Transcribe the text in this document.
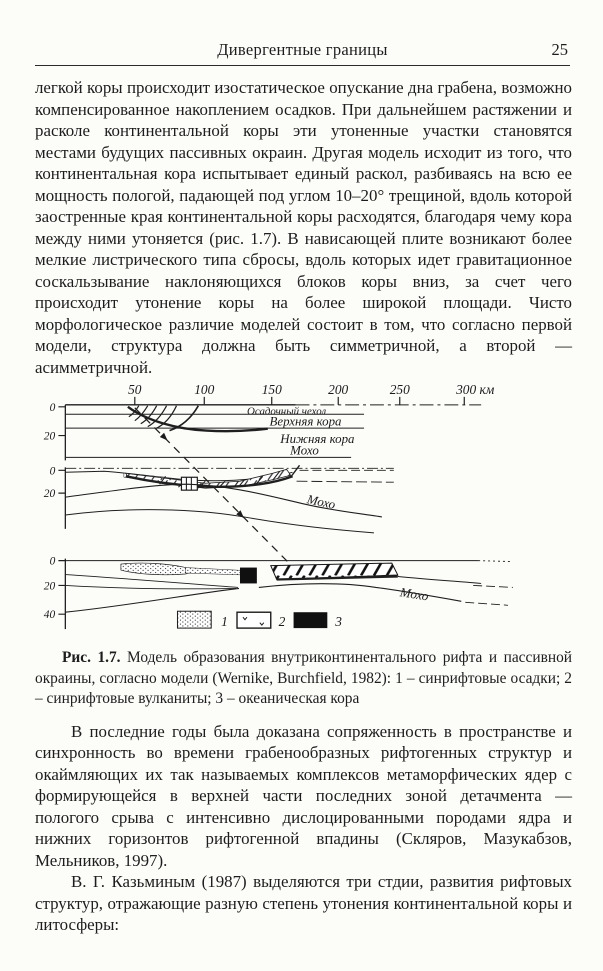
Дивергентные границы	25

легкой коры происходит изостатическое опускание дна грабена, возможно компенсированное накоплением осадков. При дальнейшем растяжении и расколе континентальной коры эти утоненные участки становятся местами будущих пассивных окраин. Другая модель исходит из того, что континентальная кора испытывает единый раскол, разбиваясь на всю ее мощность пологой, падающей под углом 10–20° трещиной, вдоль которой заостренные края континентальной коры расходятся, благодаря чему кора между ними утоняется (рис. 1.7). В нависающей плите возникают более мелкие листрического типа сбросы, вдоль которых идет гравитационное соскальзывание наклоняющихся блоков коры вниз, за счет чего происходит утонение коры на более широкой площади. Чисто морфологическое различие моделей состоит в том, что согласно первой модели, структура должна быть симметричной, а второй — асимметричной.

50	100	150	200	250	300 км
0
20
Осадочный чехол
Верхняя кора
Нижняя кора
Мохо
0
20	Мохо
0
20
40
Мохо
1	2	3

Рис. 1.7. Модель образования внутриконтинентального рифта и пассивной окраины, согласно модели (Wernike, Burchfield, 1982): 1 – синрифтовые осадки; 2 – синрифтовые вулканиты; 3 – океаническая кора

В последние годы была доказана сопряженность в пространстве и синхронность во времени грабенообразных рифтогенных структур и окаймляющих их так называемых комплексов метаморфических ядер с формирующейся в верхней части последних зоной детачмента — пологого срыва с интенсивно дислоцированными породами ядра и нижних горизонтов рифтогенной впадины (Скляров, Мазукабзов, Мельников, 1997).

В. Г. Казьминым (1987) выделяются три стдии, развития рифтовых структур, отражающие разную степень утонения континентальной коры и литосферы:
